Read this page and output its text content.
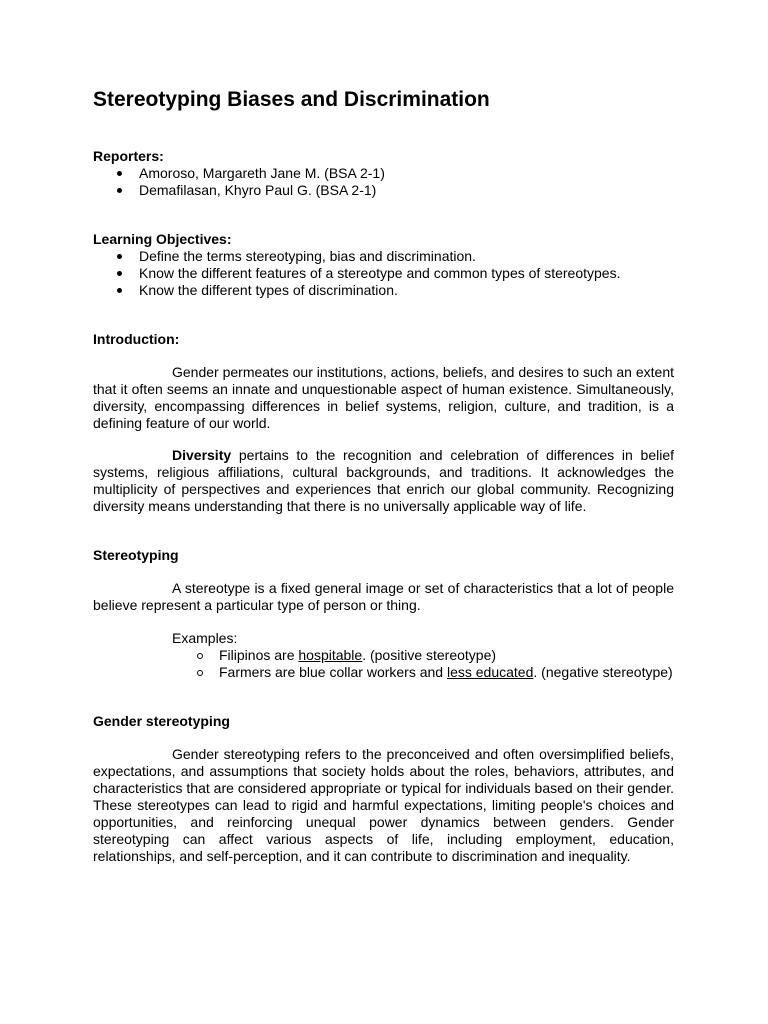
Stereotyping Biases and Discrimination
Reporters:
Amoroso, Margareth Jane M. (BSA 2-1)
Demafilasan, Khyro Paul G. (BSA 2-1)
Learning Objectives:
Define the terms stereotyping, bias and discrimination.
Know the different features of a stereotype and common types of stereotypes.
Know the different types of discrimination.
Introduction:

Gender permeates our institutions, actions, beliefs, and desires to such an extent that it often seems an innate and unquestionable aspect of human existence. Simultaneously, diversity, encompassing differences in belief systems, religion, culture, and tradition, is a defining feature of our world.

Diversity pertains to the recognition and celebration of differences in belief systems, religious affiliations, cultural backgrounds, and traditions. It acknowledges the multiplicity of perspectives and experiences that enrich our global community. Recognizing diversity means understanding that there is no universally applicable way of life.

Stereotyping

A stereotype is a fixed general image or set of characteristics that a lot of people believe represent a particular type of person or thing.

Examples:
Filipinos are hospitable. (positive stereotype)
Farmers are blue collar workers and less educated. (negative stereotype)
Gender stereotyping

Gender stereotyping refers to the preconceived and often oversimplified beliefs, expectations, and assumptions that society holds about the roles, behaviors, attributes, and characteristics that are considered appropriate or typical for individuals based on their gender. These stereotypes can lead to rigid and harmful expectations, limiting people's choices and opportunities, and reinforcing unequal power dynamics between genders. Gender stereotyping can affect various aspects of life, including employment, education, relationships, and self-perception, and it can contribute to discrimination and inequality.
